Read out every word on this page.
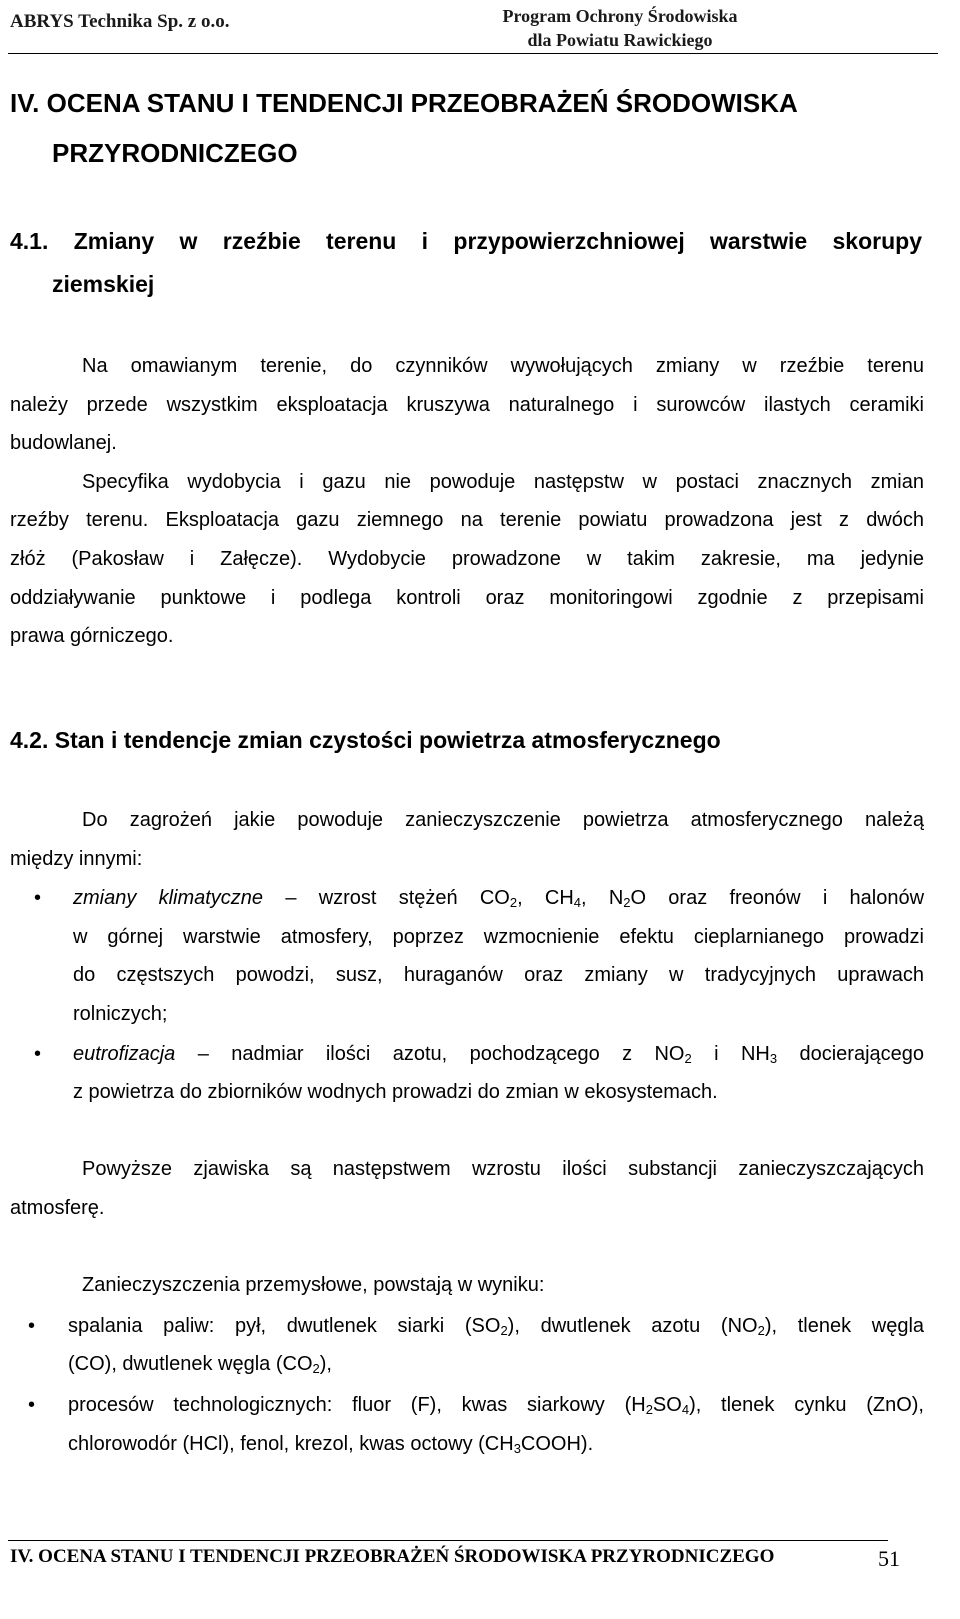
ABRYS Technika Sp. z o.o.	Program Ochrony Środowiska
dla Powiatu Rawickiego
IV. OCENA STANU I TENDENCJI PRZEOBRAŻEŃ ŚRODOWISKA
PRZYRODNICZEGO
4.1. Zmiany w rzeźbie terenu i przypowierzchniowej warstwie skorupy
ziemskiej
Na omawianym terenie, do czynników wywołujących zmiany w rzeźbie terenu
należy przede wszystkim eksploatacja kruszywa naturalnego i surowców ilastych ceramiki
budowlanej.
Specyfika wydobycia i gazu nie powoduje następstw w postaci znacznych zmian
rzeźby terenu. Eksploatacja gazu ziemnego na terenie powiatu prowadzona jest z dwóch
złóż (Pakosław i Załęcze). Wydobycie prowadzone w takim zakresie, ma jedynie
oddziaływanie punktowe i podlega kontroli oraz monitoringowi zgodnie z przepisami
prawa górniczego.
4.2. Stan i tendencje zmian czystości powietrza atmosferycznego
Do zagrożeń jakie powoduje zanieczyszczenie powietrza atmosferycznego należą
między innymi:
• zmiany klimatyczne – wzrost stężeń $CO_2$, $CH_4$, $N_2O$ oraz freonów i halonów
w górnej warstwie atmosfery, poprzez wzmocnienie efektu cieplarnianego prowadzi
do częstszych powodzi, susz, huraganów oraz zmiany w tradycyjnych uprawach
rolniczych;
• eutrofizacja – nadmiar ilości azotu, pochodzącego z $NO_2$ i $NH_3$ docierającego
z powietrza do zbiorników wodnych prowadzi do zmian w ekosystemach.
Powyższe zjawiska są następstwem wzrostu ilości substancji zanieczyszczających
atmosferę.
Zanieczyszczenia przemysłowe, powstają w wyniku:
• spalania paliw: pył, dwutlenek siarki $(SO_2)$, dwutlenek azotu $(NO_2)$, tlenek węgla
(CO), dwutlenek węgla $(CO_2)$,
• procesów technologicznych: fluor (F), kwas siarkowy $(H_2SO_4)$, tlenek cynku (ZnO),
chlorowodór (HCl), fenol, krezol, kwas octowy $(CH_3COOH)$.
IV. OCENA STANU I TENDENCJI PRZEOBRAŻEŃ ŚRODOWISKA PRZYRODNICZEGO	51
